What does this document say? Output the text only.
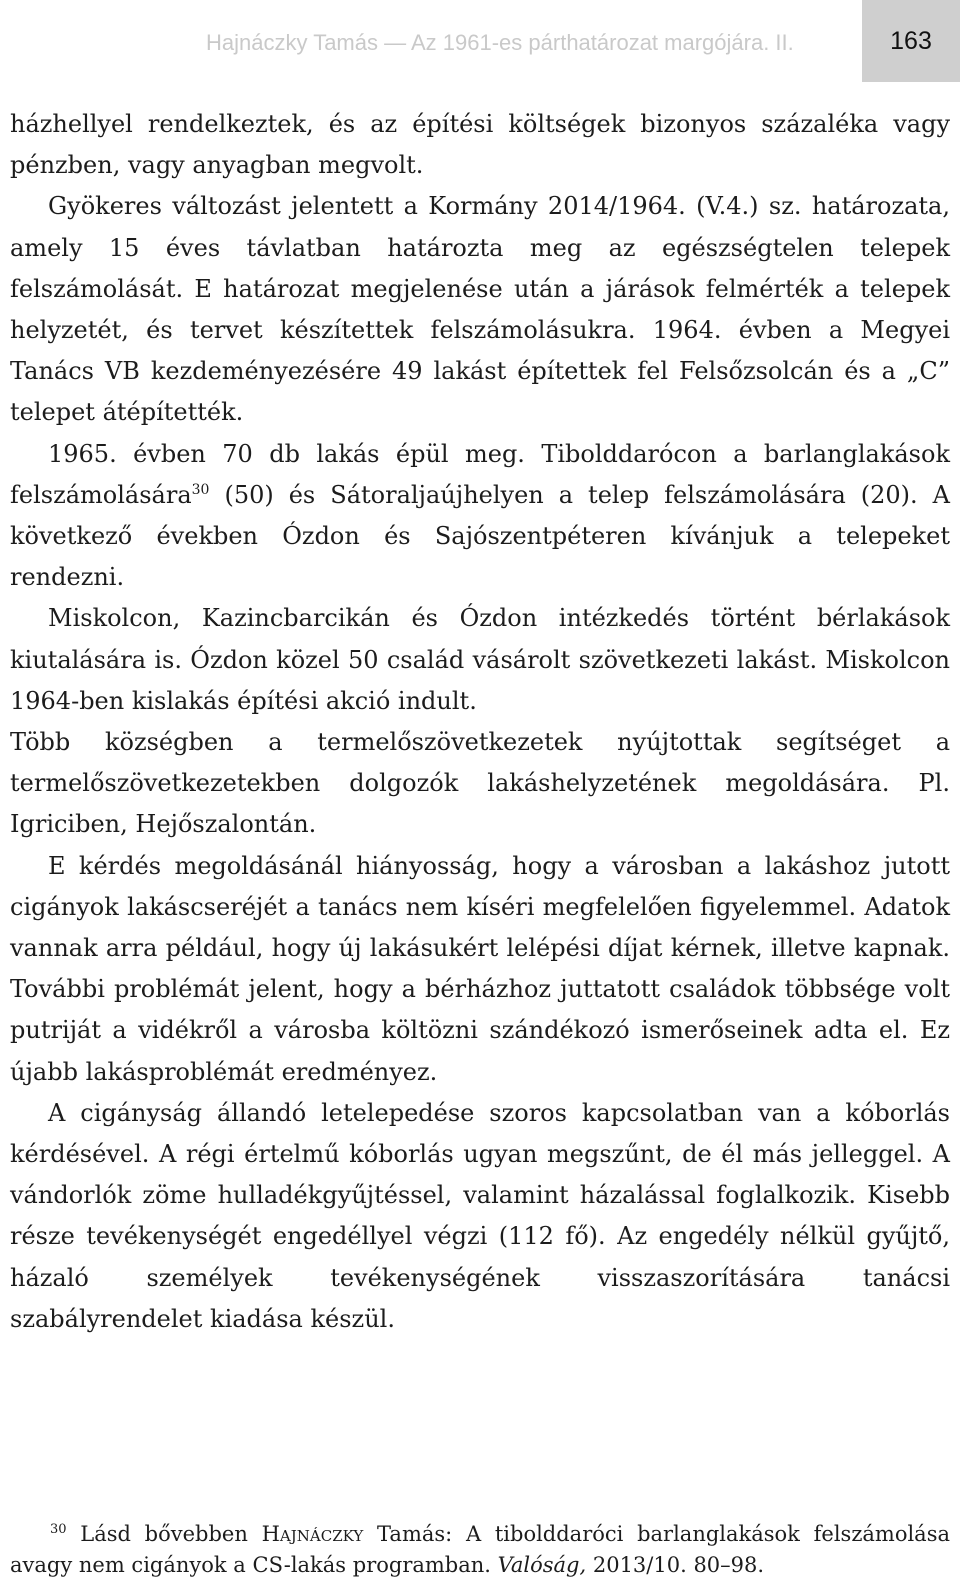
Hajnáczky Tamás — Az 1961-es párthatározat margójára. II.	163

házhellyel rendelkeztek, és az építési költségek bizonyos százaléka vagy pénzben, vagy anyagban megvolt.

Gyökeres változást jelentett a Kormány 2014/1964. (V.4.) sz. határozata, amely 15 éves távlatban határozta meg az egészségtelen telepek felszámolását. E határozat megjelenése után a járások felmérték a telepek helyzetét, és tervet készítettek felszámolásukra. 1964. évben a Megyei Tanács VB kezdeményezésére 49 lakást építettek fel Felsőzsolcán és a „C” telepet átépítették.

1965. évben 70 db lakás épül meg. Tibolddarócon a barlanglakások felszámolására$^{30}$ (50) és Sátoraljaújhelyen a telep felszámolására (20). A következő években Ózdon és Sajószentpéteren kívánjuk a telepeket rendezni.

Miskolcon, Kazincbarcikán és Ózdon intézkedés történt bérlakások kiutalására is. Ózdon közel 50 család vásárolt szövetkezeti lakást. Miskolcon 1964-ben kislakás építési akció indult.

Több községben a termelőszövetkezetek nyújtottak segítséget a termelőszövetkezetekben dolgozók lakáshelyzetének megoldására. Pl. Igriciben, Hejőszalontán.

E kérdés megoldásánál hiányosság, hogy a városban a lakáshoz jutott cigányok lakáscseréjét a tanács nem kíséri megfelelően figyelemmel. Adatok vannak arra például, hogy új lakásukért lelépési díjat kérnek, illetve kapnak. További problémát jelent, hogy a bérházhoz juttatott családok többsége volt putriját a vidékről a városba költözni szándékozó ismerőseinek adta el. Ez újabb lakásproblémát eredményez.

A cigányság állandó letelepedése szoros kapcsolatban van a kóborlás kérdésével. A régi értelmű kóborlás ugyan megszűnt, de él más jelleggel. A vándorlók zöme hulladékgyűjtéssel, valamint házalással foglalkozik. Kisebb része tevékenységét engedéllyel végzi (112 fő). Az engedély nélkül gyűjtő, házaló személyek tevékenységének visszaszorítására tanácsi szabályrendelet kiadása készül.

$^{30}$ Lásd bővebben Hajnáczky Tamás: A tibolddaróci barlanglakások felszámolása avagy nem cigányok a CS-lakás programban. Valóság, 2013/10. 80–98.
